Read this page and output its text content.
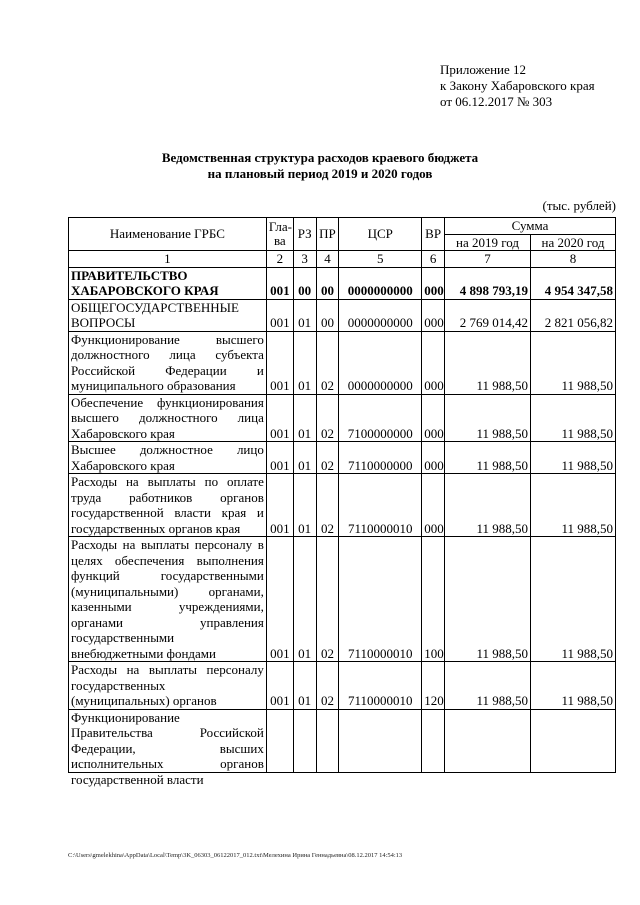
Приложение 12
к Закону Хабаровского края
от 06.12.2017 № 303
Ведомственная структура расходов краевого бюджета
на плановый период 2019 и 2020 годов
(тыс. рублей)
Наименование ГРБС	Гла-ва	РЗ	ПР	ЦСР	ВР	Сумма	
						на 2019 год	на 2020 год
1	2	3	4	5	6	7	8
ПРАВИТЕЛЬСТВО ХАБАРОВСКОГО КРАЯ	001	00	00	0000000000	000	4 898 793,19	4 954 347,58
ОБЩЕГОСУДАРСТВЕННЫЕ ВОПРОСЫ	001	01	00	0000000000	000	2 769 014,42	2 821 056,82
Функционирование высшего должностного лица субъекта Российской Федерации и муниципального образования	001	01	02	0000000000	000	11 988,50	11 988,50
Обеспечение функционирования высшего должностного лица Хабаровского края	001	01	02	7100000000	000	11 988,50	11 988,50
Высшее должностное лицо Хабаровского края	001	01	02	7110000000	000	11 988,50	11 988,50
Расходы на выплаты по оплате труда работников органов государственной власти края и государственных органов края	001	01	02	7110000010	000	11 988,50	11 988,50
Расходы на выплаты персоналу в целях обеспечения выполнения функций государственными (муниципальными) органами, казенными учреждениями, органами управления государственными внебюджетными фондами	001	01	02	7110000010	100	11 988,50	11 988,50
Расходы на выплаты персоналу государственных (муниципальных) органов	001	01	02	7110000010	120	11 988,50	11 988,50

Функционирование Правительства Российской Федерации, высших исполнительных органов государственной власти							

C:\Users\gmelekhina\AppData\Local\Temp\3K_06303_06122017_012.txt\Мелехина Ирина Геннадьевна\08.12.2017 14:54:13
